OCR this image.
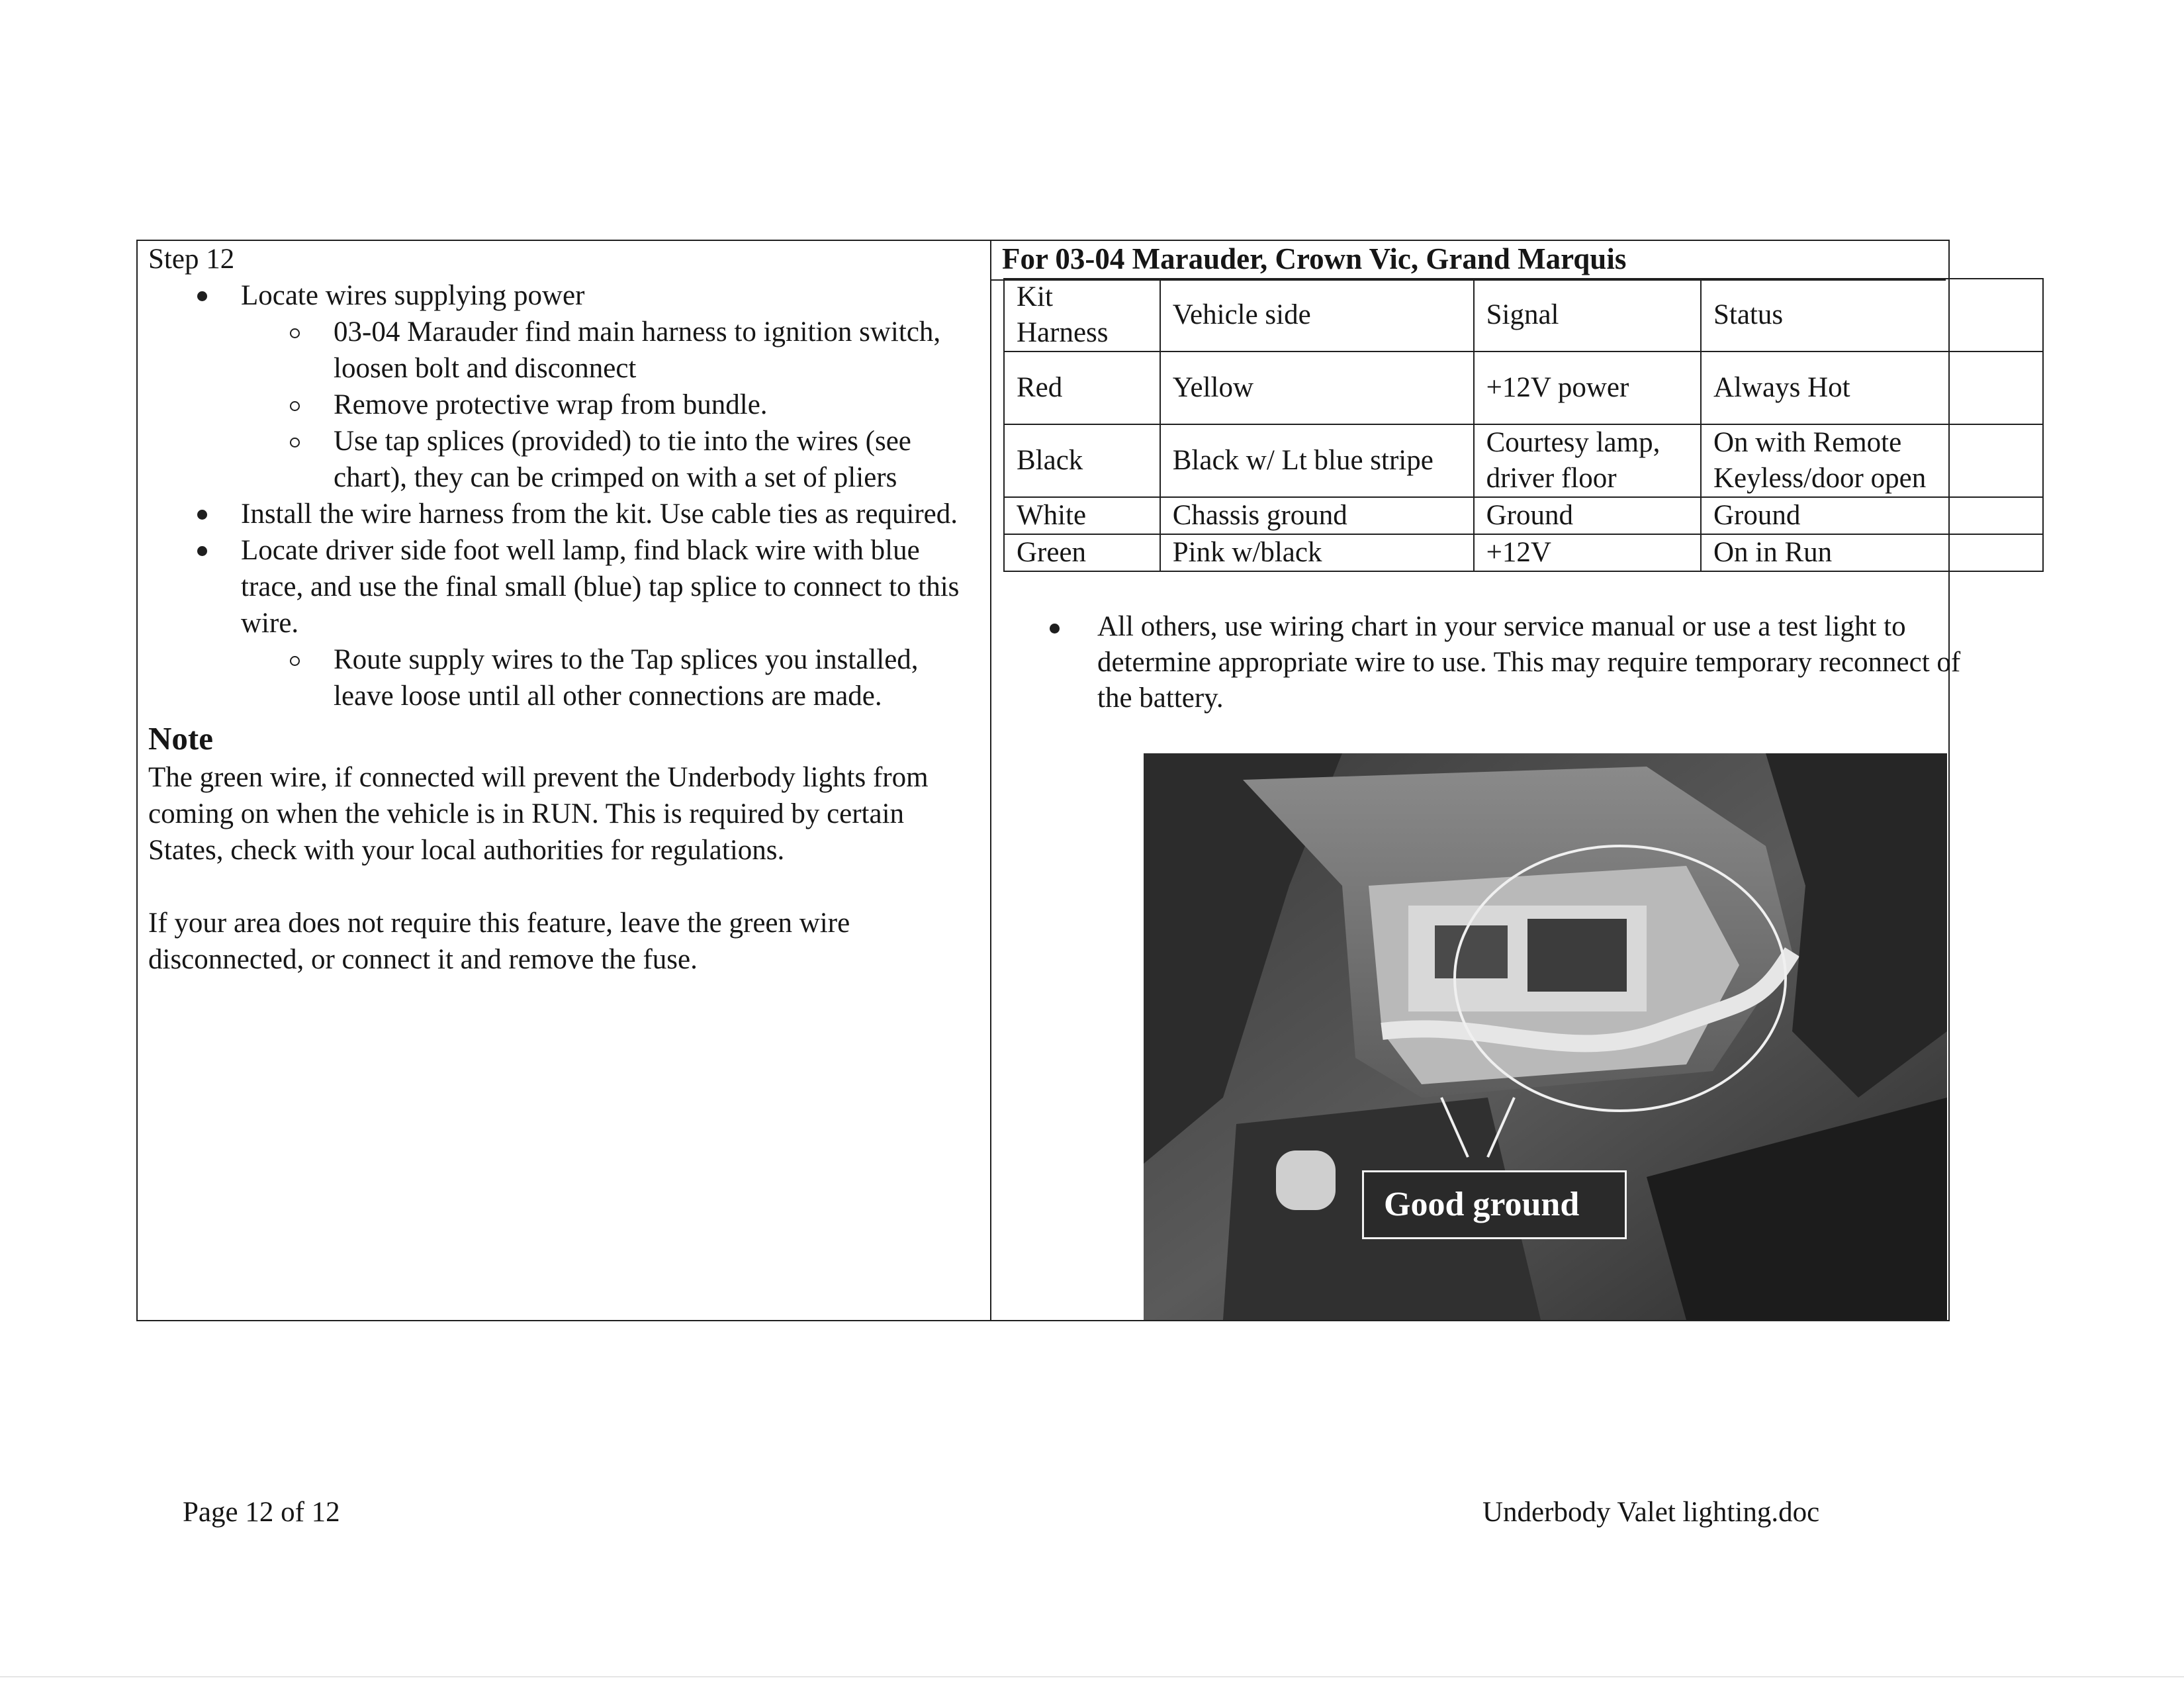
Step 12

Locate wires supplying power
03-04 Marauder find main harness to ignition switch, loosen bolt and disconnect
Remove protective wrap from bundle.
Use tap splices (provided) to tie into the wires (see chart), they can be crimped on with a set of pliers
Install the wire harness from the kit. Use cable ties as required.
Locate driver side foot well lamp, find black wire with blue trace, and use the final small (blue) tap splice to connect to this wire.
Route supply wires to the Tap splices you installed, leave loose until all other connections are made.

Note

The green wire, if connected will prevent the Underbody lights from coming on when the vehicle is in RUN. This is required by certain States, check with your local authorities for regulations.

If your area does not require this feature, leave the green wire disconnected, or connect it and remove the fuse.

For 03-04 Marauder, Crown Vic, Grand Marquis
Kit Harness	Vehicle side	Signal	Status
Red	Yellow	+12V power	Always Hot
Black	Black w/ Lt blue stripe	Courtesy lamp, driver floor	On with Remote Keyless/door open
White	Chassis ground	Ground	Ground
Green	Pink w/black	+12V	On in Run
All others, use wiring chart in your service manual or use a test light to determine appropriate wire to use. This may require temporary reconnect of the battery.
Good ground
Page 12 of 12	Underbody Valet lighting.doc
